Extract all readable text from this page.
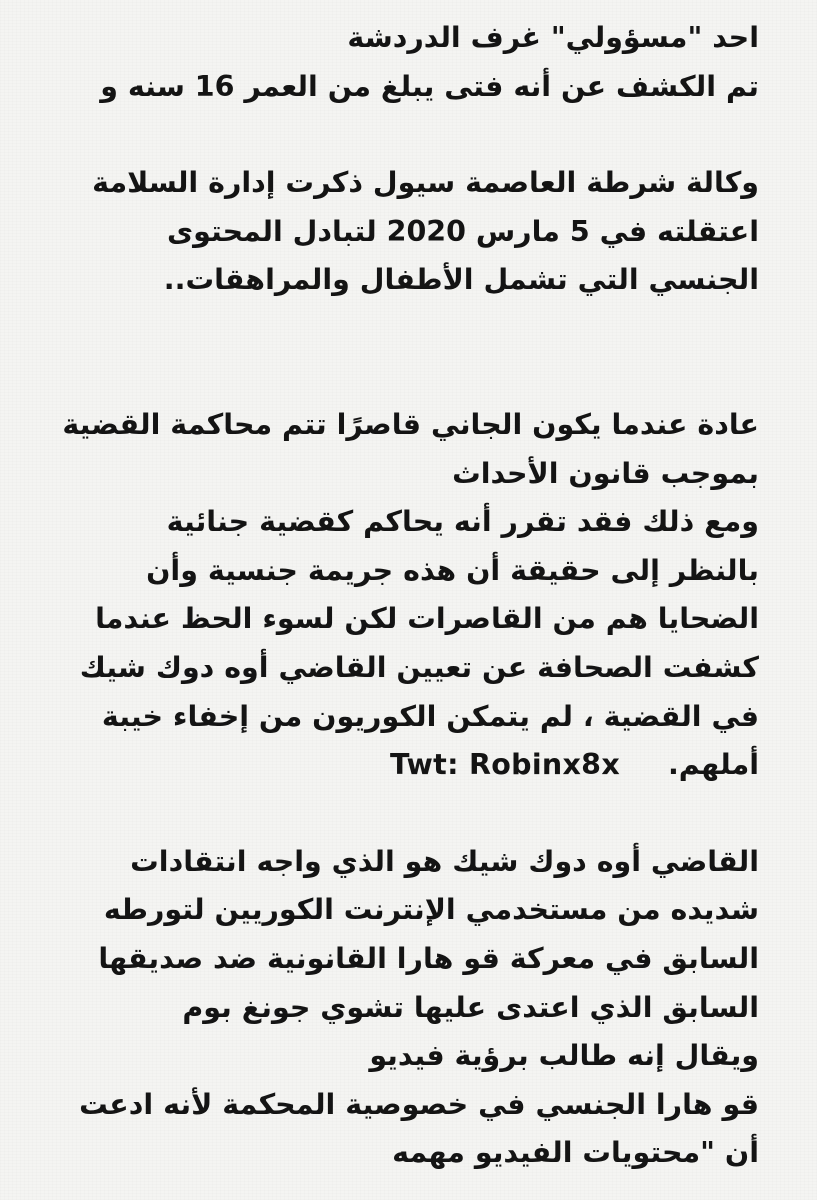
احد "مسؤولي" غرف الدردشة
تم الكشف عن أنه فتى يبلغ من العمر 16 سنه و
وكالة شرطة العاصمة سيول ذكرت إدارة السلامة
اعتقلته في 5 مارس 2020 لتبادل المحتوى
الجنسي التي تشمل الأطفال والمراهقات..
عادة عندما يكون الجاني قاصرًا تتم محاكمة القضية
بموجب قانون الأحداث
ومع ذلك فقد تقرر أنه يحاكم كقضية جنائية
بالنظر إلى حقيقة أن هذه جريمة جنسية وأن
الضحايا هم من القاصرات لكن لسوء الحظ عندما
كشفت الصحافة عن تعيين القاضي أوه دوك شيك
في القضية ، لم يتمكن الكوريون من إخفاء خيبة
أملهم. Twt: Robinx8x
القاضي أوه دوك شيك هو الذي واجه انتقادات
شديده من مستخدمي الإنترنت الكوريين لتورطه
السابق في معركة قو هارا القانونية ضد صديقها
السابق الذي اعتدى عليها تشوي جونغ بوم
ويقال إنه طالب برؤية فيديو
قو هارا الجنسي في خصوصية المحكمة لأنه ادعت
أن "محتويات الفيديو مهمه
